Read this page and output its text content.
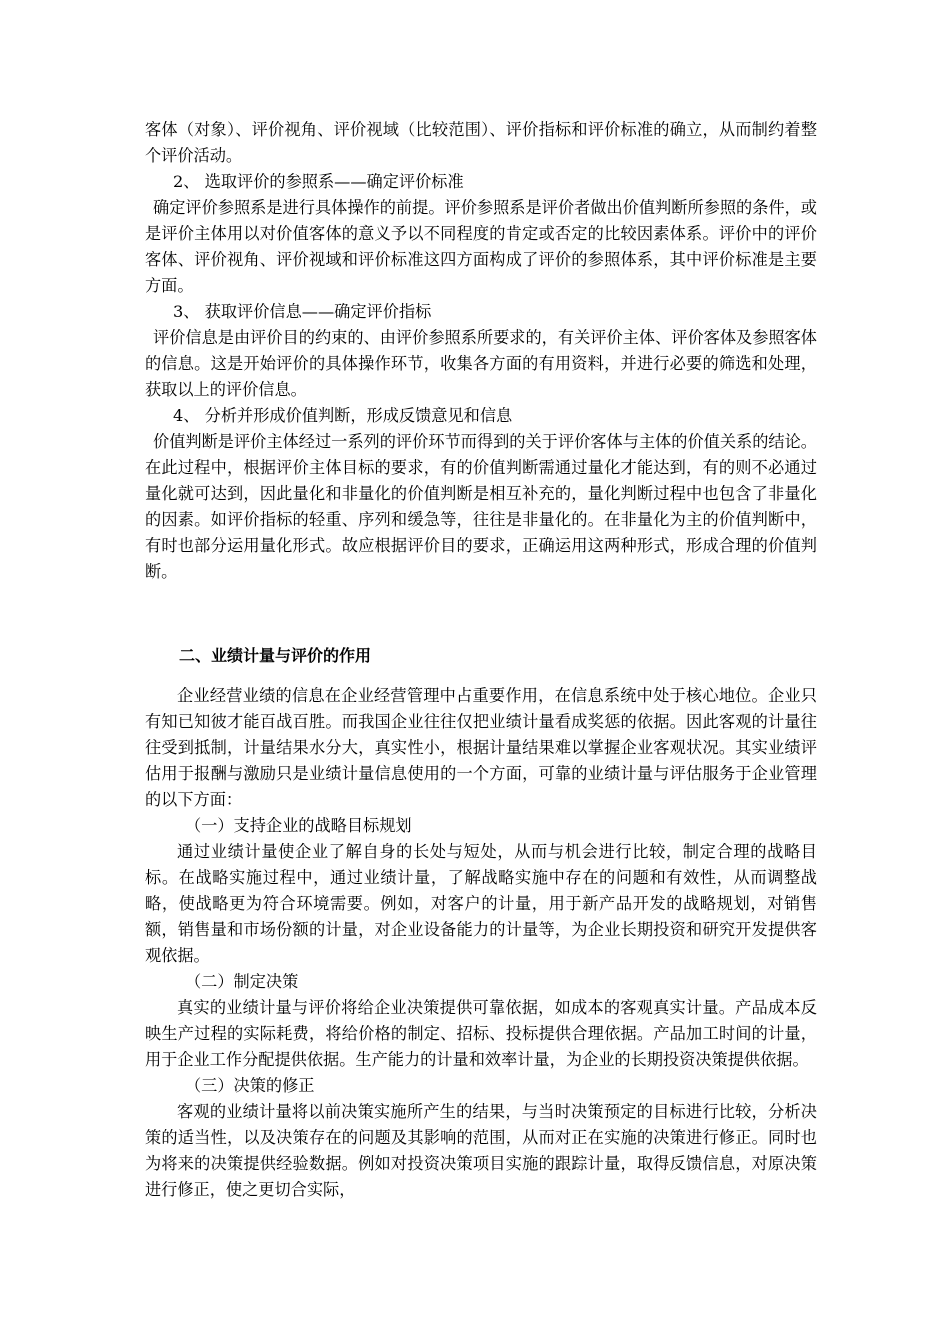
客体（对象）、评价视角、评价视域（比较范围）、评价指标和评价标准的确立，从而制约着整个评价活动。

2、 选取评价的参照系——确定评价标准

确定评价参照系是进行具体操作的前提。评价参照系是评价者做出价值判断所参照的条件，或是评价主体用以对价值客体的意义予以不同程度的肯定或否定的比较因素体系。评价中的评价客体、评价视角、评价视域和评价标准这四方面构成了评价的参照体系，其中评价标准是主要方面。

3、 获取评价信息——确定评价指标

评价信息是由评价目的约束的、由评价参照系所要求的，有关评价主体、评价客体及参照客体的信息。这是开始评价的具体操作环节，收集各方面的有用资料，并进行必要的筛选和处理，获取以上的评价信息。

4、 分析并形成价值判断，形成反馈意见和信息

价值判断是评价主体经过一系列的评价环节而得到的关于评价客体与主体的价值关系的结论。在此过程中，根据评价主体目标的要求，有的价值判断需通过量化才能达到，有的则不必通过量化就可达到，因此量化和非量化的价值判断是相互补充的，量化判断过程中也包含了非量化的因素。如评价指标的轻重、序列和缓急等，往往是非量化的。在非量化为主的价值判断中，有时也部分运用量化形式。故应根据评价目的要求，正确运用这两种形式，形成合理的价值判断。

二、业绩计量与评价的作用

企业经营业绩的信息在企业经营管理中占重要作用，在信息系统中处于核心地位。企业只有知已知彼才能百战百胜。而我国企业往往仅把业绩计量看成奖惩的依据。因此客观的计量往往受到抵制，计量结果水分大，真实性小，根据计量结果难以掌握企业客观状况。其实业绩评估用于报酬与激励只是业绩计量信息使用的一个方面，可靠的业绩计量与评估服务于企业管理的以下方面：

（一）支持企业的战略目标规划

通过业绩计量使企业了解自身的长处与短处，从而与机会进行比较，制定合理的战略目标。在战略实施过程中，通过业绩计量，了解战略实施中存在的问题和有效性，从而调整战略，使战略更为符合环境需要。例如，对客户的计量，用于新产品开发的战略规划，对销售额，销售量和市场份额的计量，对企业设备能力的计量等，为企业长期投资和研究开发提供客观依据。

（二）制定决策

真实的业绩计量与评价将给企业决策提供可靠依据，如成本的客观真实计量。产品成本反映生产过程的实际耗费，将给价格的制定、招标、投标提供合理依据。产品加工时间的计量，用于企业工作分配提供依据。生产能力的计量和效率计量，为企业的长期投资决策提供依据。

（三）决策的修正

客观的业绩计量将以前决策实施所产生的结果，与当时决策预定的目标进行比较，分析决策的适当性，以及决策存在的问题及其影响的范围，从而对正在实施的决策进行修正。同时也为将来的决策提供经验数据。例如对投资决策项目实施的跟踪计量，取得反馈信息，对原决策进行修正，使之更切合实际，
